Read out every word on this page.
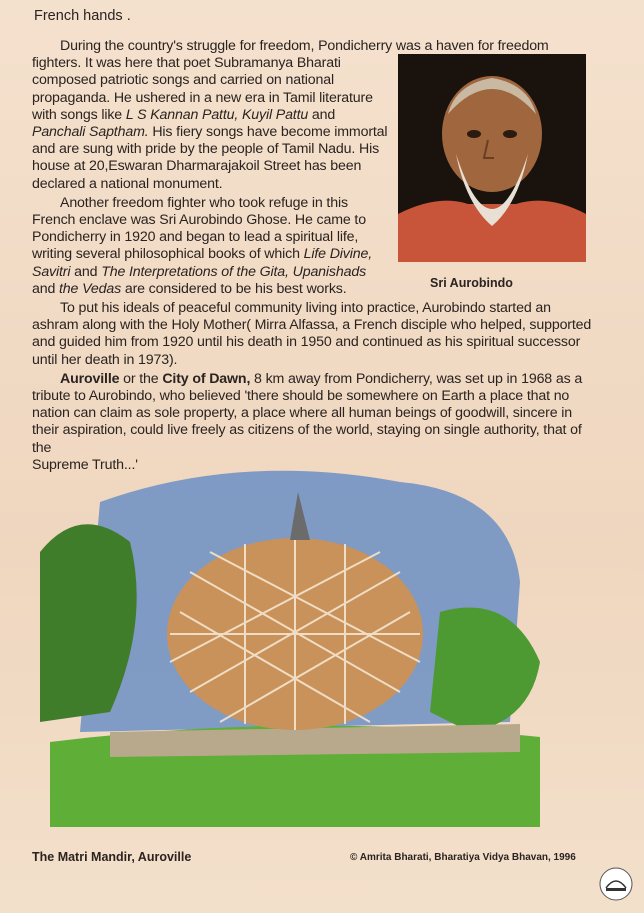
French hands .

During the country's struggle for freedom, Pondicherry was a haven for freedom

fighters. It was here that poet Subramanya Bharati composed patriotic songs and carried on national propaganda. He ushered in a new era in Tamil literature with songs like L S Kannan Pattu, Kuyil Pattu and Panchali Saptham. His fiery songs have become immortal and are sung with pride by the people of Tamil Nadu. His house at 20,Eswaran Dharmarajakoil Street has been declared a national monument.

Another freedom fighter who took refuge in this French enclave was Sri Aurobindo Ghose. He came to Pondicherry in 1920 and began to lead a spiritual life, writing several philosophical books of which Life Divine, Savitri and The Interpretations of the Gita, Upanishads and the Vedas are considered to be his best works.

To put his ideals of peaceful community living into practice, Aurobindo started an ashram along with the Holy Mother( Mirra Alfassa, a French disciple who helped, supported and guided him from 1920 until his death in 1950 and continued as his spiritual successor until her death in 1973).

Auroville or the City of Dawn, 8 km away from Pondicherry, was set up in 1968 as a tribute to Aurobindo, who believed 'there should be somewhere on Earth a place that no nation can claim as sole property, a place where all human beings of goodwill, sincere in their aspiration, could live freely as citizens of the world, staying on single authority, that of the

Supreme Truth...'

Sri Aurobindo
The Matri Mandir, Auroville	© Amrita Bharati, Bharatiya Vidya Bhavan, 1996
